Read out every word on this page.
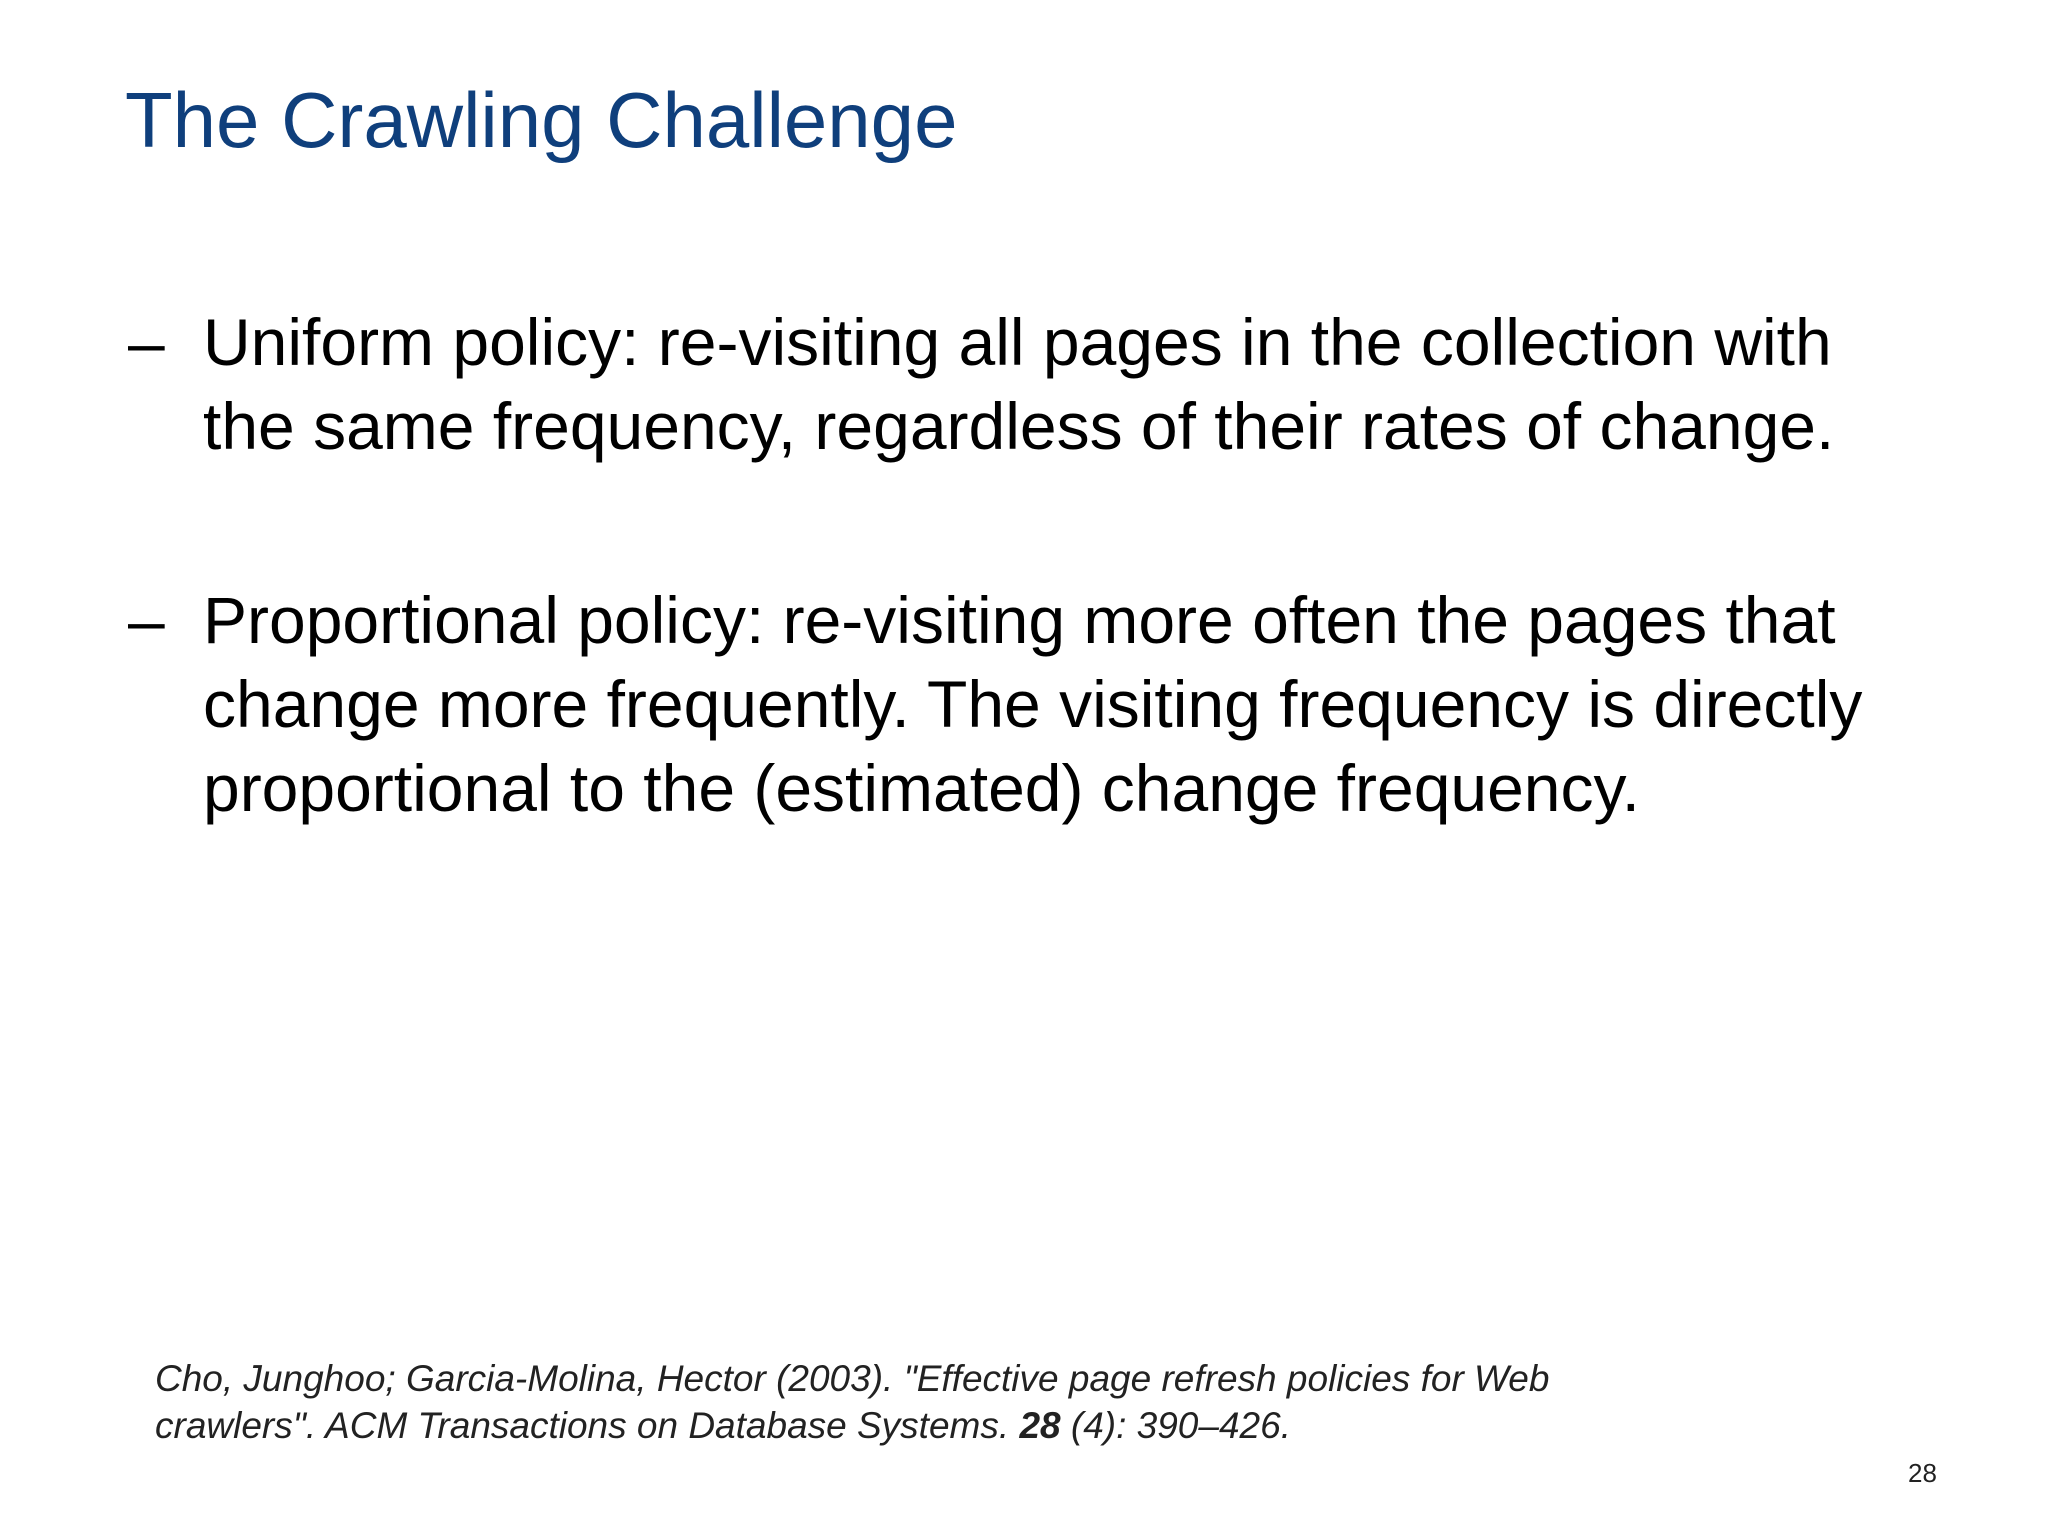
The Crawling Challenge
– Uniform policy: re-visiting all pages in the collection with
the same frequency, regardless of their rates of change.
– Proportional policy: re-visiting more often the pages that
change more frequently. The visiting frequency is directly
proportional to the (estimated) change frequency.

Cho, Junghoo; Garcia-Molina, Hector (2003). "Effective page refresh policies for Web
crawlers". ACM Transactions on Database Systems. 28 (4): 390–426.

28
